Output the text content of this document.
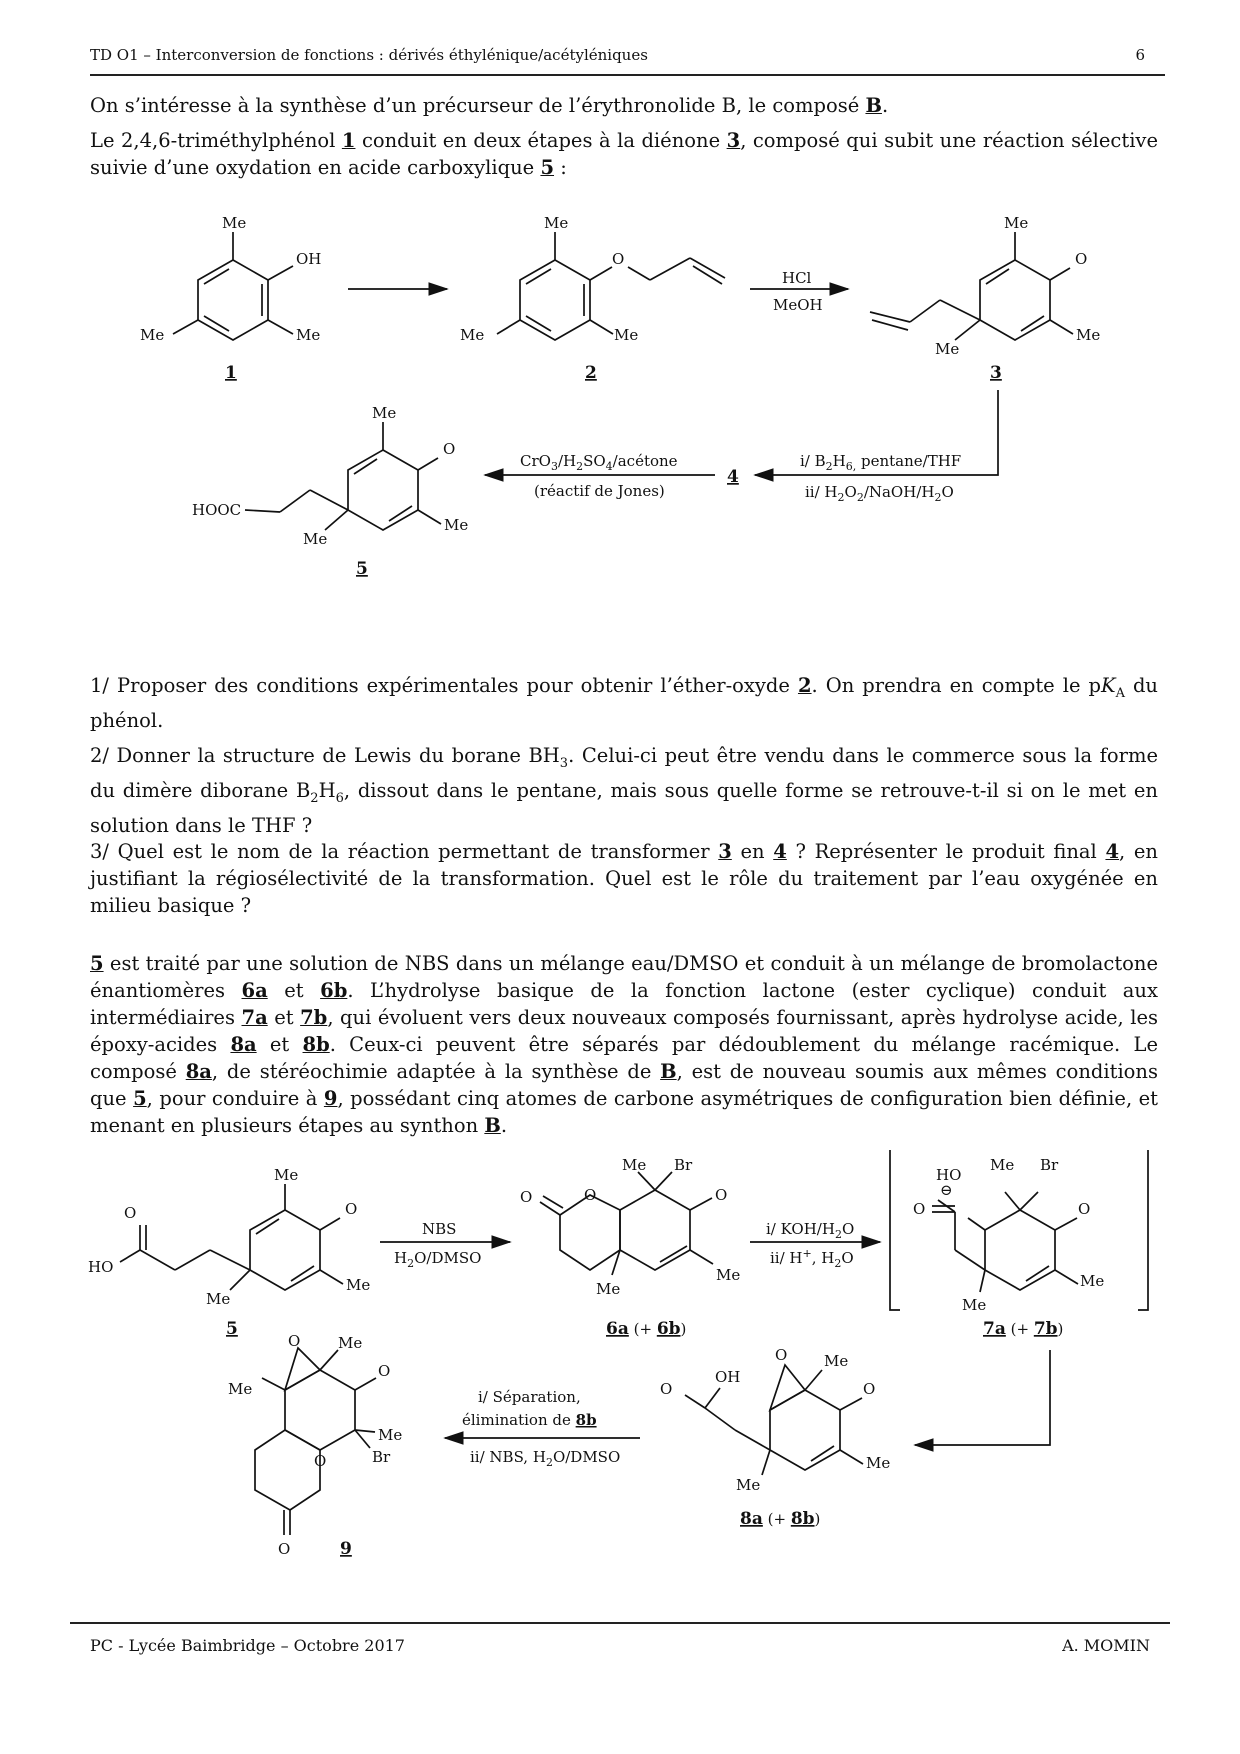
TD O1 – Interconversion de fonctions : dérivés éthylénique/acétyléniques	6

On s’intéresse à la synthèse d’un précurseur de l’érythronolide B, le composé B.

Le 2,4,6-triméthylphénol 1 conduit en deux étapes à la diénone 3, composé qui subit une réaction sélective suivie d’une oxydation en acide carboxylique 5 :

Me
OH
Me
Me
1
Me
O
Me
Me
2
HCl
MeOH
Me
O
Me
Me
3
i/ $B_2H_{6,}$ pentane/THF
ii/ $H_2O_2/NaOH/H_2O$
4
$CrO_3/H_2SO_4$/acétone
(réactif de Jones)
Me
O
Me
Me
HOOC
5

1/ Proposer des conditions expérimentales pour obtenir l’éther-oxyde 2. On prendra en compte le $pK_A$ du phénol.

2/ Donner la structure de Lewis du borane $BH_3$. Celui-ci peut être vendu dans le commerce sous la forme du dimère diborane $B_2H_6$, dissout dans le pentane, mais sous quelle forme se retrouve-t-il si on le met en solution dans le THF ?

3/ Quel est le nom de la réaction permettant de transformer 3 en 4 ? Représenter le produit final 4, en justifiant la régiosélectivité de la transformation. Quel est le rôle du traitement par l’eau oxygénée en milieu basique ?

5 est traité par une solution de NBS dans un mélange eau/DMSO et conduit à un mélange de bromolactone énantiomères 6a et 6b. L’hydrolyse basique de la fonction lactone (ester cyclique) conduit aux intermédiaires 7a et 7b, qui évoluent vers deux nouveaux composés fournissant, après hydrolyse acide, les époxy-acides 8a et 8b. Ceux-ci peuvent être séparés par dédoublement du mélange racémique. Le composé 8a, de stéréochimie adaptée à la synthèse de B, est de nouveau soumis aux mêmes conditions que 5, pour conduire à 9, possédant cinq atomes de carbone asymétriques de configuration bien définie, et menant en plusieurs étapes au synthon B.

Me
O
Me
Me
O
HO
5
NBS
$H_2O$/DMSO
O	O	O
Me Br
Me
Me
6a (+ 6b)
i/ KOH/$H_2O$
ii/ H+, $H_2O$
⊖
O
HO
O
Me Br
Me
Me
7a (+ 7b)
O Me
O
Me
Me
O
OH
8a (+ 8b)
i/ Séparation,
élimination de 8b
ii/ NBS, $H_2O$/DMSO
O	Me
O
Me
Br
Me
O
O	9
PC - Lycée Baimbridge – Octobre 2017	A. MOMIN
